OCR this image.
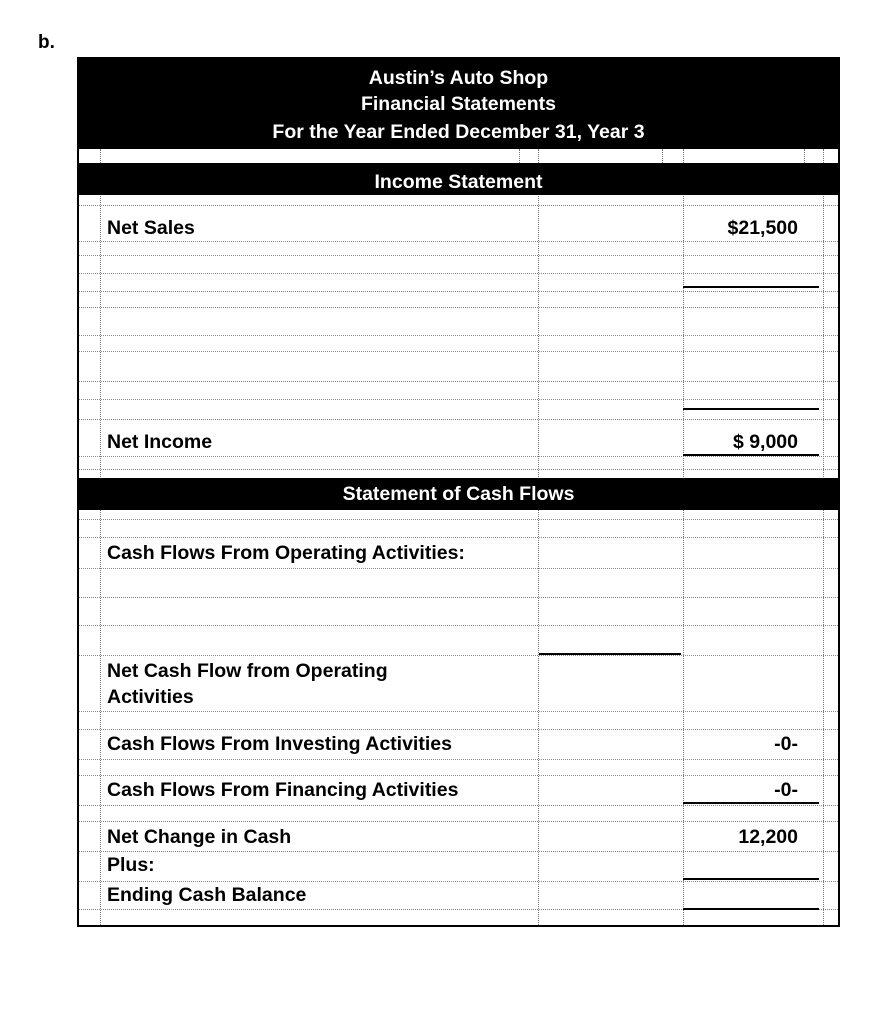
b.
Austin’s Auto Shop
Financial Statements
For the Year Ended December 31, Year 3
Income Statement
Statement of Cash Flows
Net Sales	$21,500
Net Income	$ 9,000
Cash Flows From Operating Activities:
Net Cash Flow from Operating
Activities
Cash Flows From Investing Activities	-0-
Cash Flows From Financing Activities	-0-
Net Change in Cash	12,200
Plus:
Ending Cash Balance
